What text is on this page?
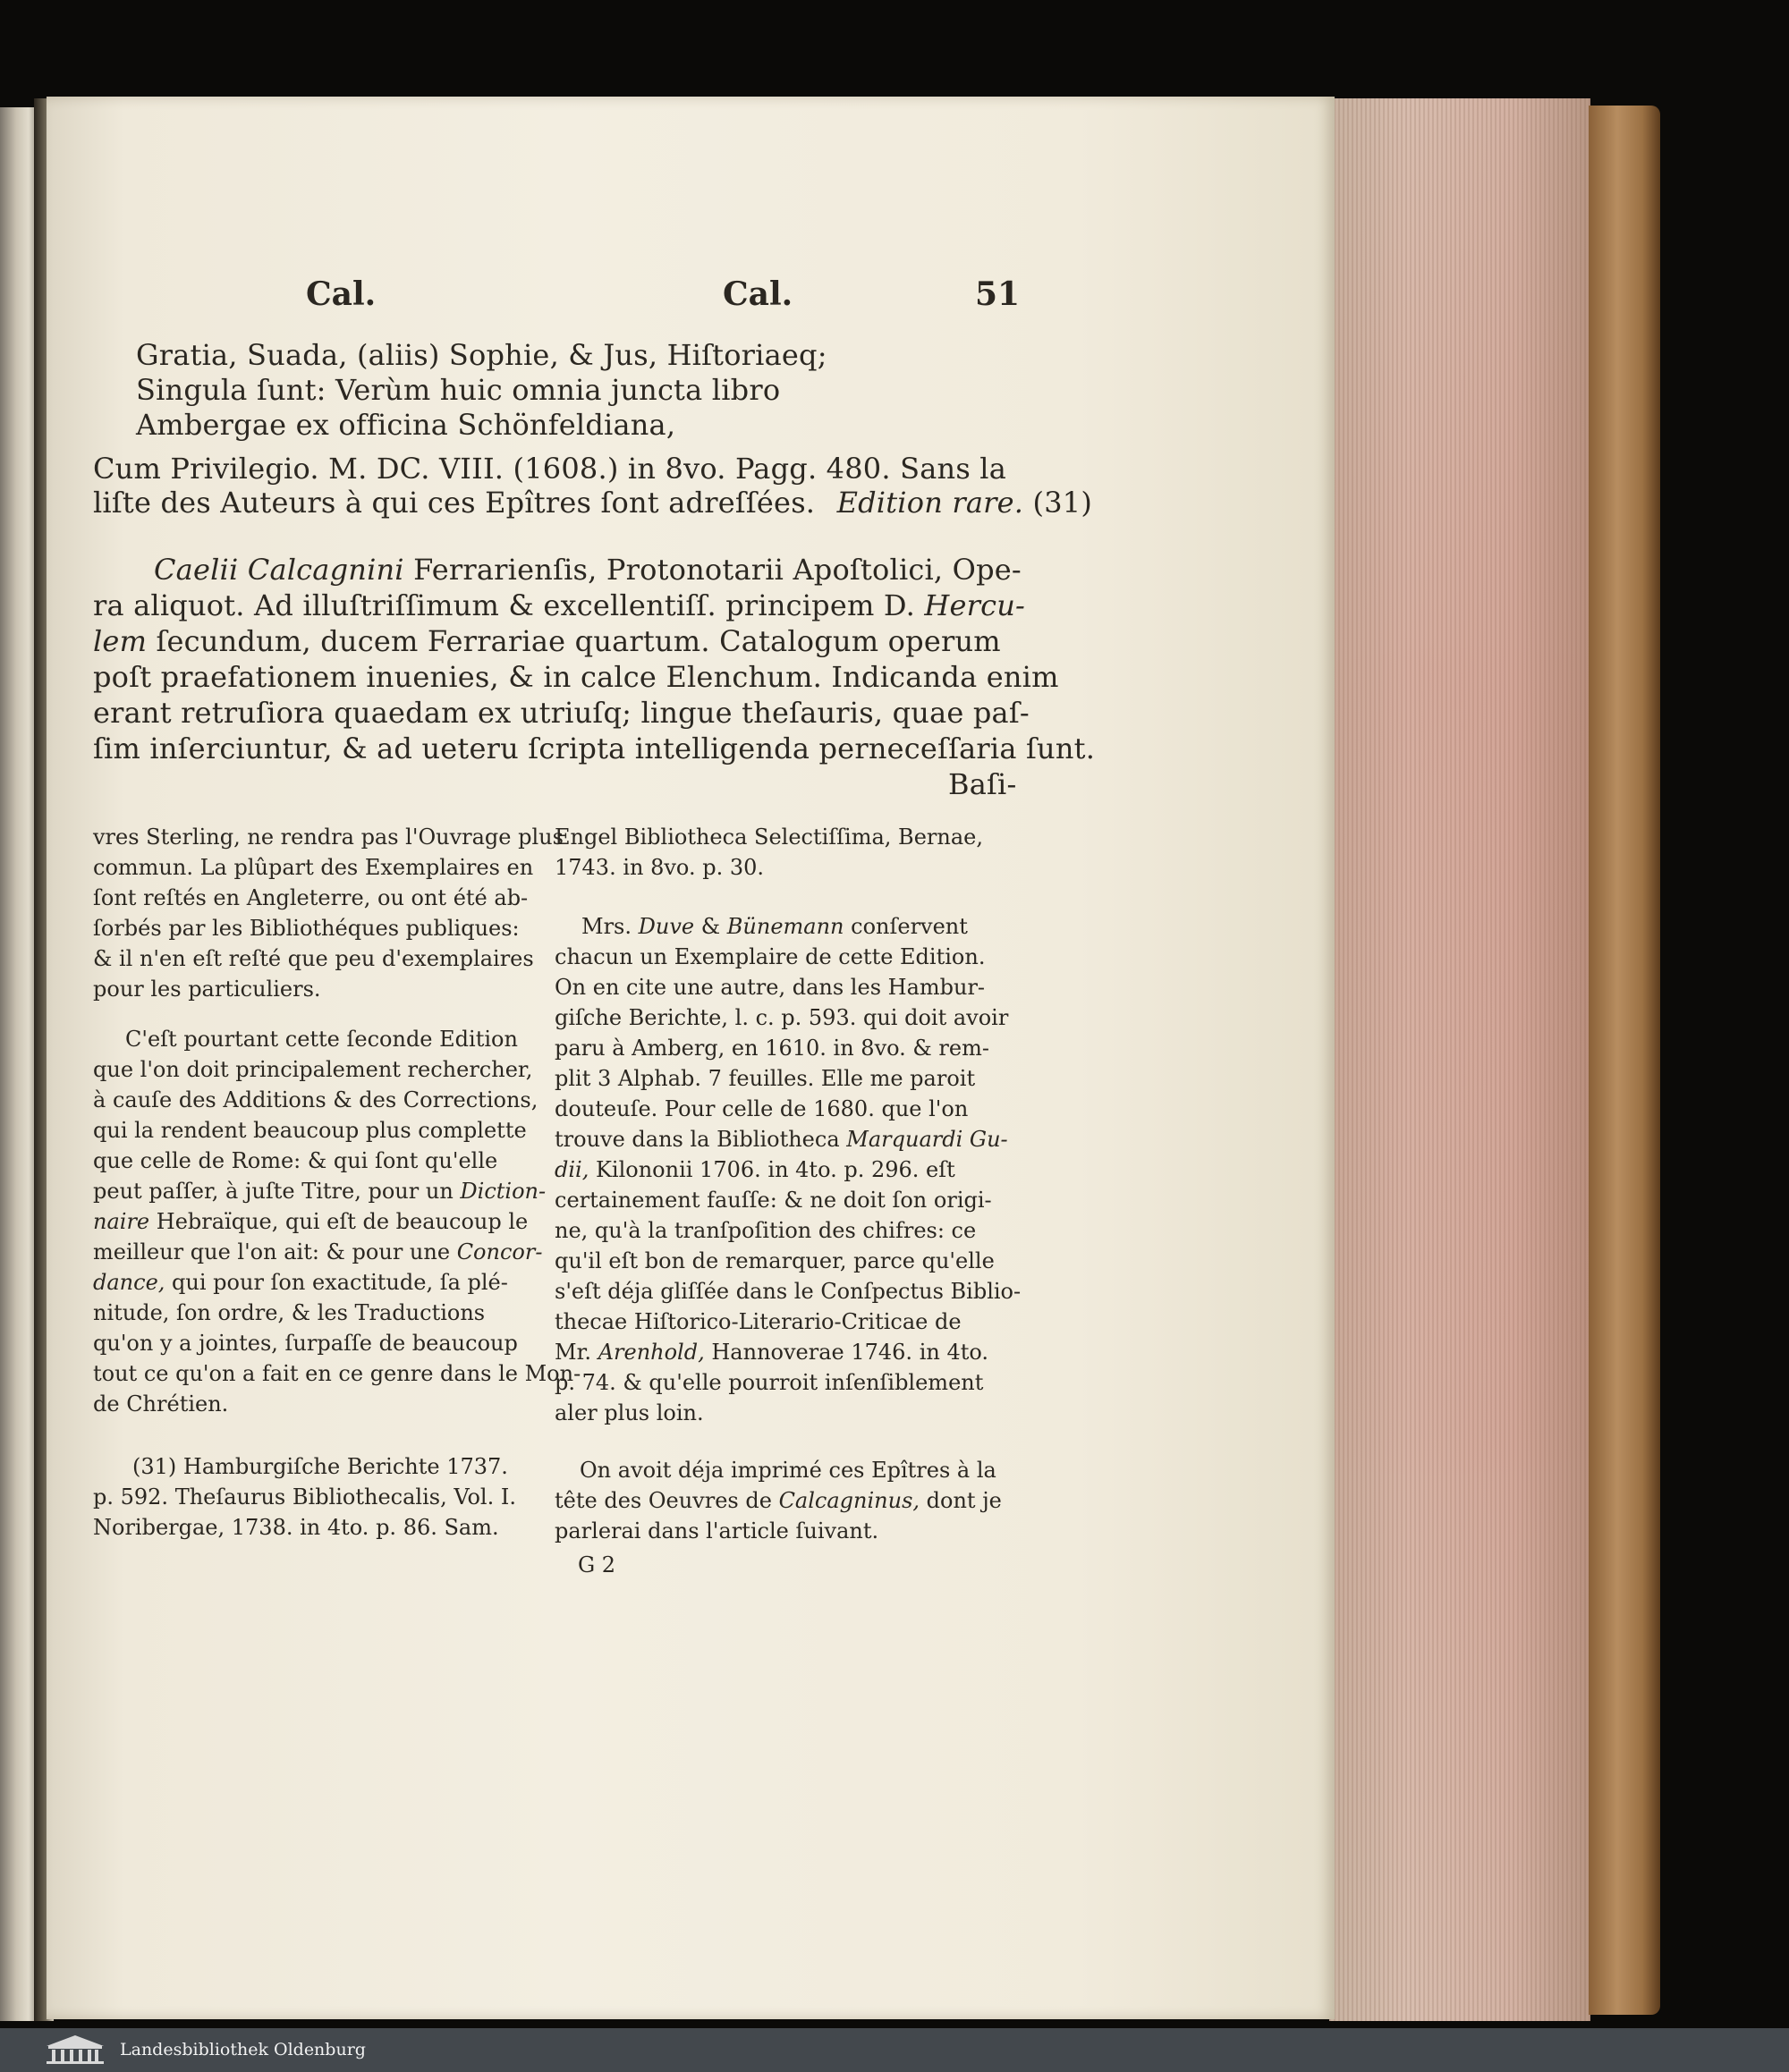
Cal.	Cal.	51
Gratia, Suada, (aliis) Sophie, & Jus, Hiſtoriaeq;
Singula ſunt: Verùm huic omnia juncta libro
Ambergae ex officina Schönfeldiana,
Cum Privilegio. M. DC. VIII. (1608.) in 8vo. Pagg. 480. Sans la
liſte des Auteurs à qui ces Epîtres ſont adreſſées. Edition rare. (31)
Caelii Calcagnini Ferrarienſis, Protonotarii Apoſtolici, Ope-
ra aliquot. Ad illuſtriſſimum & excellentiſſ. principem D. Hercu-
lem ſecundum, ducem Ferrariae quartum. Catalogum operum
poſt praefationem inuenies, & in calce Elenchum. Indicanda enim
erant retruſiora quaedam ex utriuſq; lingue theſauris, quae paſ-
ſim inſerciuntur, & ad ueteru ſcripta intelligenda perneceſſaria ſunt.
Baſi-
vres Sterling, ne rendra pas l'Ouvrage plus
commun. La plûpart des Exemplaires en
ſont reſtés en Angleterre, ou ont été ab-
ſorbés par les Bibliothéques publiques:
& il n'en eſt reſté que peu d'exemplaires
pour les particuliers.
C'eſt pourtant cette ſeconde Edition
que l'on doit principalement rechercher,
à cauſe des Additions & des Corrections,
qui la rendent beaucoup plus complette
que celle de Rome: & qui ſont qu'elle
peut paſſer, à juſte Titre, pour un Diction-
naire Hebraïque, qui eſt de beaucoup le
meilleur que l'on ait: & pour une Concor-
dance, qui pour ſon exactitude, ſa plé-
nitude, ſon ordre, & les Traductions
qu'on y a jointes, ſurpaſſe de beaucoup
tout ce qu'on a fait en ce genre dans le Mon-
de Chrétien.
(31) Hamburgiſche Berichte 1737.
p. 592. Theſaurus Bibliothecalis, Vol. I.
Noribergae, 1738. in 4to. p. 86. Sam.
Engel Bibliotheca Selectiſſima, Bernae,
1743. in 8vo. p. 30.
Mrs. Duve & Bünemann conſervent
chacun un Exemplaire de cette Edition.
On en cite une autre, dans les Hambur-
giſche Berichte, l. c. p. 593. qui doit avoir
paru à Amberg, en 1610. in 8vo. & rem-
plit 3 Alphab. 7 feuilles. Elle me paroit
douteuſe. Pour celle de 1680. que l'on
trouve dans la Bibliotheca Marquardi Gu-
dii, Kilononii 1706. in 4to. p. 296. eſt
certainement fauſſe: & ne doit ſon origi-
ne, qu'à la tranſpoſition des chifres: ce
qu'il eſt bon de remarquer, parce qu'elle
s'eſt déja gliſſée dans le Conſpectus Biblio-
thecae Hiſtorico-Literario-Criticae de
Mr. Arenhold, Hannoverae 1746. in 4to.
p. 74. & qu'elle pourroit inſenſiblement
aler plus loin.
On avoit déja imprimé ces Epîtres à la
tête des Oeuvres de Calcagninus, dont je
parlerai dans l'article ſuivant.
G 2
Landesbibliothek Oldenburg
